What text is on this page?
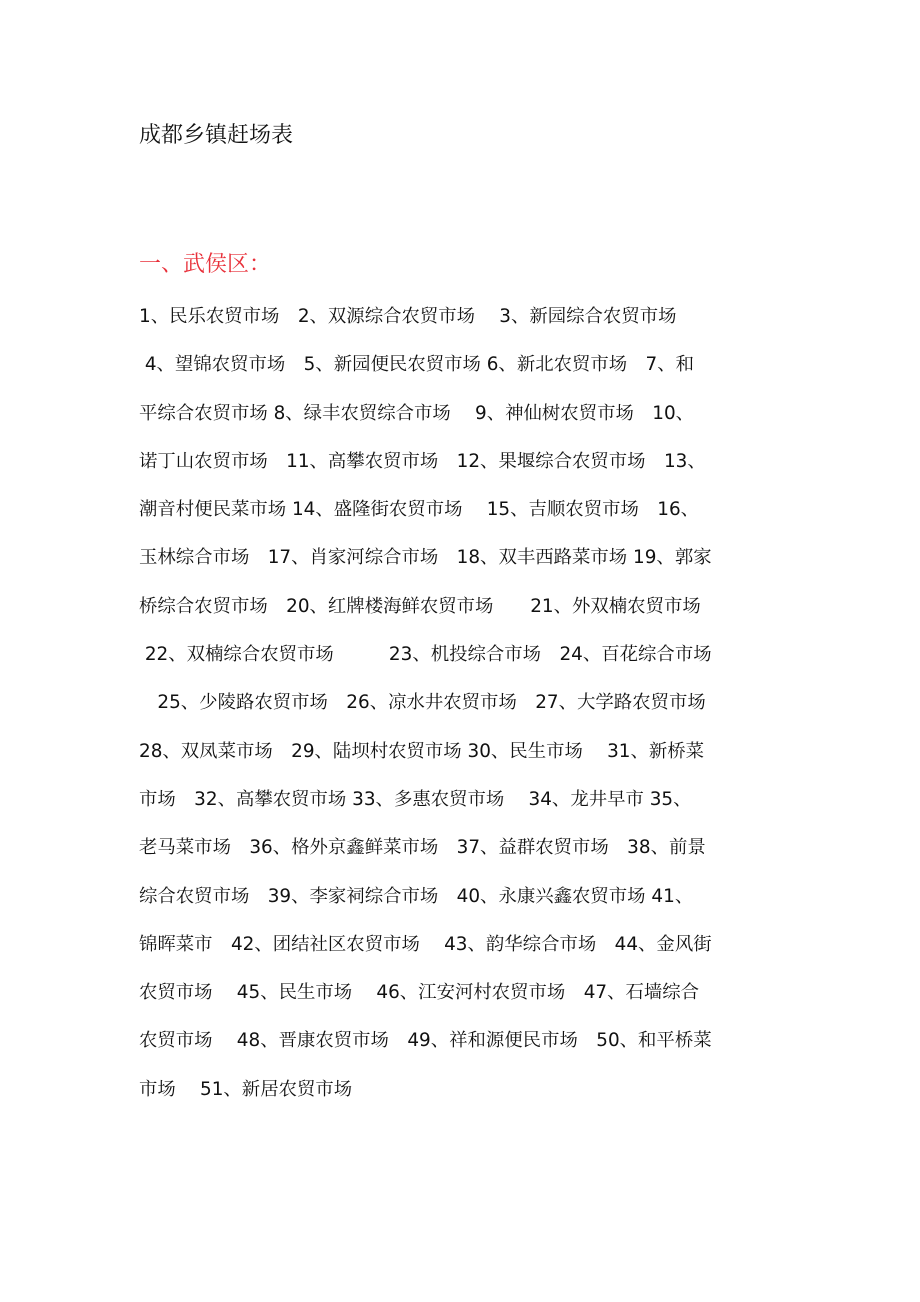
成都乡镇赶场表
一、武侯区：
1、民乐农贸市场　2、双源综合农贸市场　 3、新园综合农贸市场
4、望锦农贸市场　5、新园便民农贸市场 6、新北农贸市场　7、和
平综合农贸市场 8、绿丰农贸综合市场　 9、神仙树农贸市场　10、
诺丁山农贸市场　11、高攀农贸市场　12、果堰综合农贸市场　13、
潮音村便民菜市场 14、盛隆街农贸市场　 15、吉顺农贸市场　16、
玉林综合市场　17、肖家河综合市场　18、双丰西路菜市场 19、郭家
桥综合农贸市场　20、红牌楼海鲜农贸市场　　21、外双楠农贸市场
22、双楠综合农贸市场　　　23、机投综合市场　24、百花综合市场
　25、少陵路农贸市场　26、凉水井农贸市场　27、大学路农贸市场
28、双凤菜市场　29、陆坝村农贸市场 30、民生市场　 31、新桥菜
市场　32、高攀农贸市场 33、多惠农贸市场　 34、龙井早市 35、
老马菜市场　36、格外京鑫鲜菜市场　37、益群农贸市场　38、前景
综合农贸市场　39、李家祠综合市场　40、永康兴鑫农贸市场 41、
锦晖菜市　42、团结社区农贸市场　 43、韵华综合市场　44、金风街
农贸市场　 45、民生市场　 46、江安河村农贸市场　47、石墙综合
农贸市场　 48、晋康农贸市场　49、祥和源便民市场　50、和平桥菜
市场　 51、新居农贸市场
